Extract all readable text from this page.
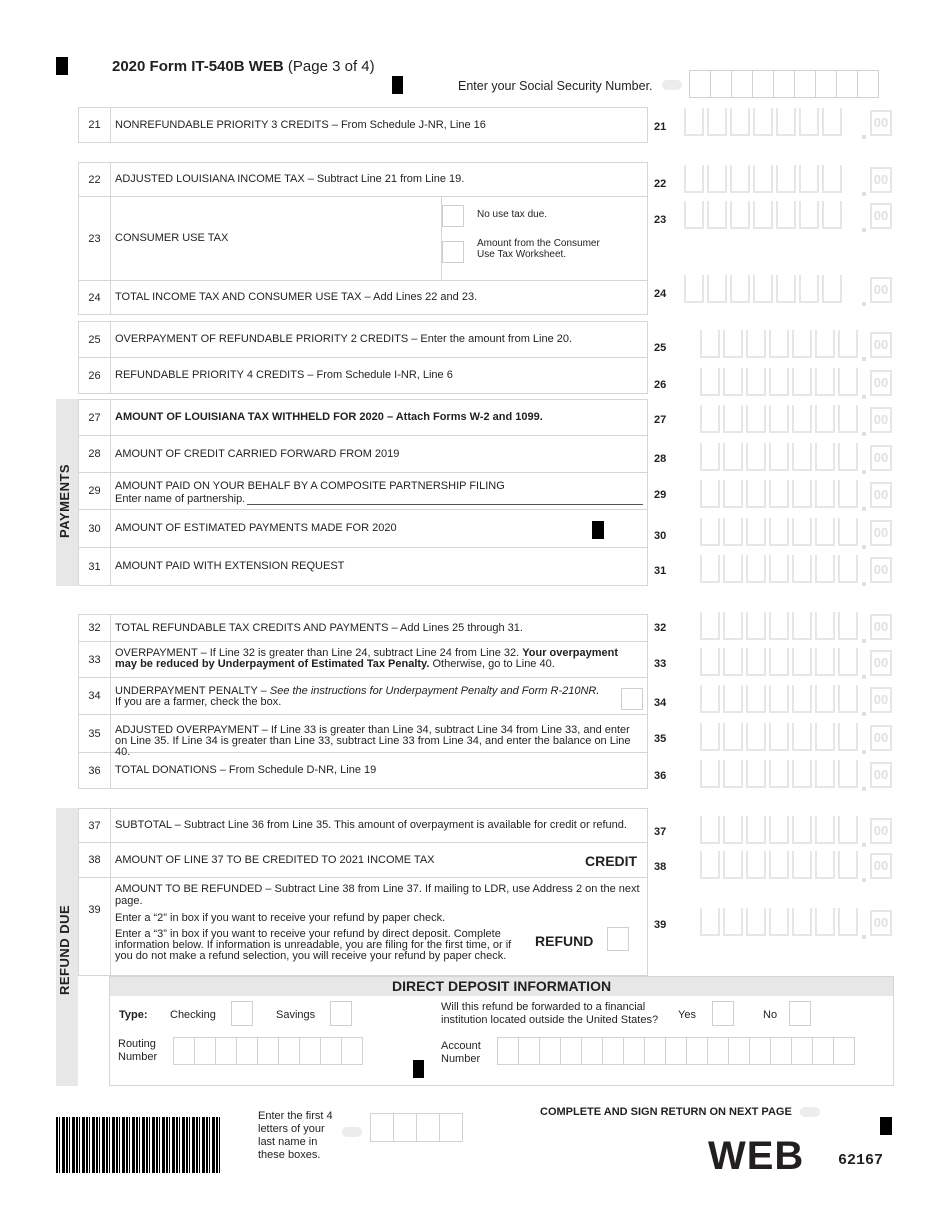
2020 Form IT-540B WEB (Page 3 of 4)
Enter your Social Security Number.
PAYMENTS
REFUND DUE
21	NONREFUNDABLE PRIORITY 3 CREDITS – From Schedule J-NR, Line 16
22	ADJUSTED LOUISIANA INCOME TAX – Subtract Line 21 from Line 19.
23	CONSUMER USE TAX
No use tax due.
Amount from the Consumer Use Tax Worksheet.
24	TOTAL INCOME TAX AND CONSUMER USE TAX – Add Lines 22 and 23.
25	OVERPAYMENT OF REFUNDABLE PRIORITY 2 CREDITS – Enter the amount from Line 20.
26	REFUNDABLE PRIORITY 4 CREDITS – From Schedule I-NR, Line 6
27	AMOUNT OF LOUISIANA TAX WITHHELD FOR 2020 – Attach Forms W-2 and 1099.
28	AMOUNT OF CREDIT CARRIED FORWARD FROM 2019
29	AMOUNT PAID ON YOUR BEHALF BY A COMPOSITE PARTNERSHIP FILING
Enter name of partnership.
30	AMOUNT OF ESTIMATED PAYMENTS MADE FOR 2020
31	AMOUNT PAID WITH EXTENSION REQUEST
32	TOTAL REFUNDABLE TAX CREDITS AND PAYMENTS – Add Lines 25 through 31.
33
OVERPAYMENT – If Line 32 is greater than Line 24, subtract Line 24 from Line 32. Your overpayment may be reduced by Underpayment of Estimated Tax Penalty. Otherwise, go to Line 40.
34	UNDERPAYMENT PENALTY – See the instructions for Underpayment Penalty and Form R-210NR.
If you are a farmer, check the box.
35	ADJUSTED OVERPAYMENT – If Line 33 is greater than Line 34, subtract Line 34 from Line 33, and enter on Line 35. If Line 34 is greater than Line 33, subtract Line 33 from Line 34, and enter the balance on Line 40.
36	TOTAL DONATIONS – From Schedule D-NR, Line 19
37	SUBTOTAL – Subtract Line 36 from Line 35. This amount of overpayment is available for credit or refund.
38	AMOUNT OF LINE 37 TO BE CREDITED TO 2021 INCOME TAX	CREDIT
39
AMOUNT TO BE REFUNDED – Subtract Line 38 from Line 37. If mailing to LDR, use Address 2 on the next page.
Enter a “2” in box if you want to receive your refund by paper check.
Enter a “3” in box if you want to receive your refund by direct deposit. Complete information below. If information is unreadable, you are filing for the first time, or if you do not make a refund selection, you will receive your refund by paper check.
REFUND
DIRECT DEPOSIT INFORMATION
Type: Checking	Savings
Will this refund be forwarded to a financial institution located outside the United States?	Yes	No
Routing Number
Account Number
21	00
22	00
23	00
24	00
25	00
26	00
27	00
28	00
29	00
30	00
31	00
32	00
33	00
34	00
35	00
36	00
37	00
38	00
39	00
Enter the first 4 letters of your last name in these boxes.
COMPLETE AND SIGN RETURN ON NEXT PAGE
WEB 62167
